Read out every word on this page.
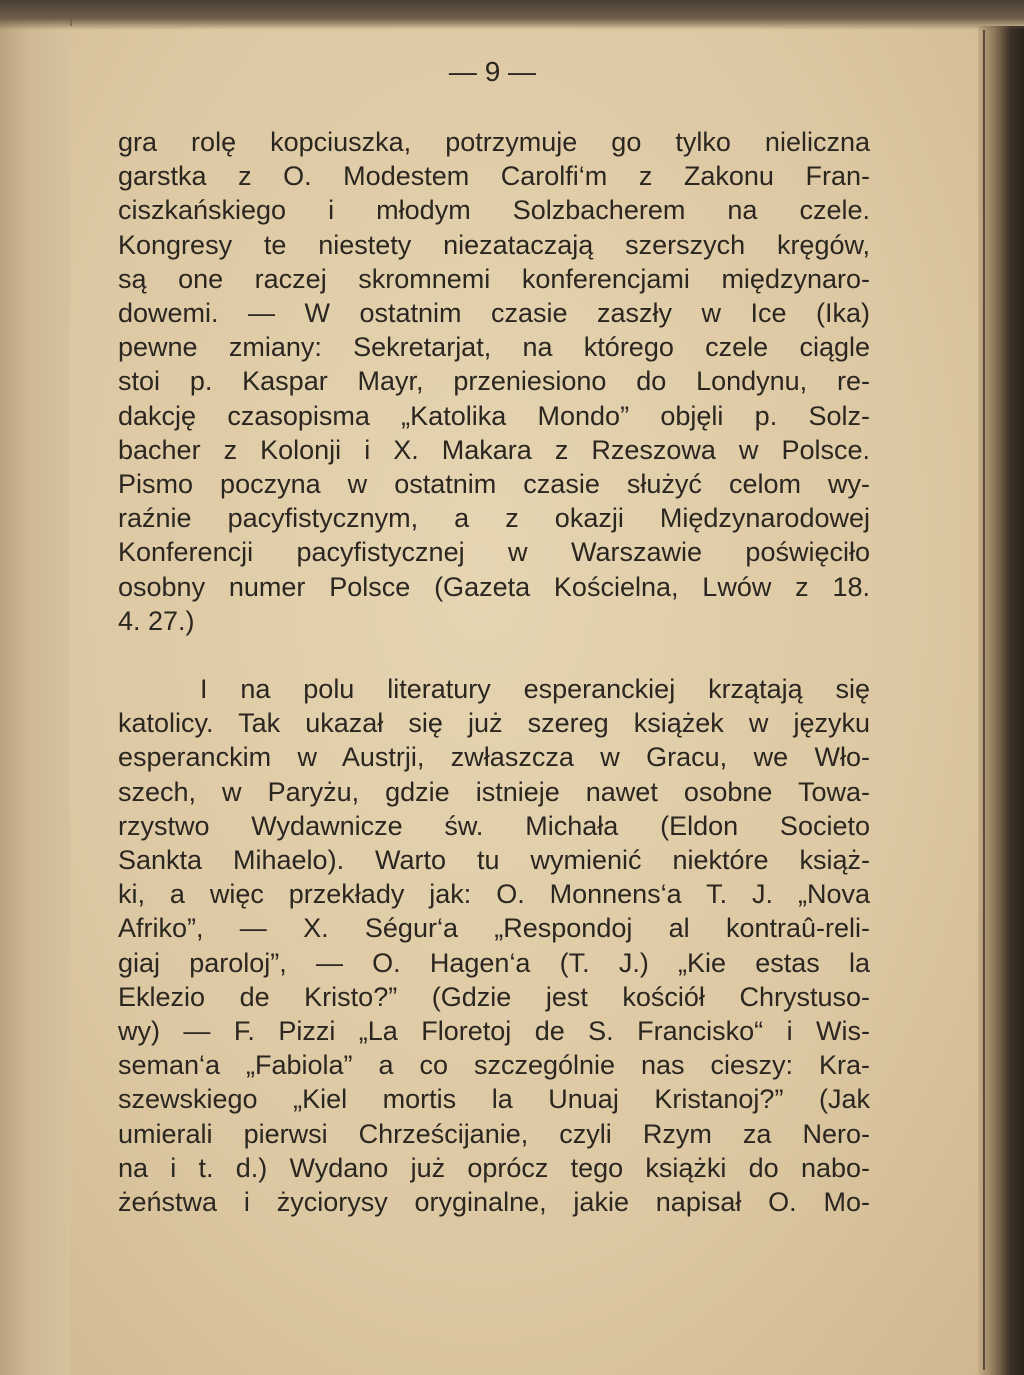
— 9 —
gra rolę kopciuszka, potrzymuje go tylko nieliczna
garstka z O. Modestem Carolfi‘m z Zakonu Fran-
ciszkańskiego i młodym Solzbacherem na czele.
Kongresy te niestety niezataczają szerszych kręgów,
są one raczej skromnemi konferencjami międzynaro-
dowemi. — W ostatnim czasie zaszły w Ice (Ika)
pewne zmiany: Sekretarjat, na którego czele ciągle
stoi p. Kaspar Mayr, przeniesiono do Londynu, re-
dakcję czasopisma „Katolika Mondo” objęli p. Solz-
bacher z Kolonji i X. Makara z Rzeszowa w Polsce.
Pismo poczyna w ostatnim czasie służyć celom wy-
raźnie pacyfistycznym, a z okazji Międzynarodowej
Konferencji pacyfistycznej w Warszawie poświęciło
osobny numer Polsce (Gazeta Kościelna, Lwów z 18.
4. 27.)
I na polu literatury esperanckiej krzątają się
katolicy. Tak ukazał się już szereg książek w języku
esperanckim w Austrji, zwłaszcza w Gracu, we Wło-
szech, w Paryżu, gdzie istnieje nawet osobne Towa-
rzystwo Wydawnicze św. Michała (Eldon Societo
Sankta Mihaelo). Warto tu wymienić niektóre książ-
ki, a więc przekłady jak: O. Monnens‘a T. J. „Nova
Afriko”, — X. Ségur‘a „Respondoj al kontraû-reli-
giaj paroloj”, — O. Hagen‘a (T. J.) „Kie estas la
Eklezio de Kristo?” (Gdzie jest kościół Chrystuso-
wy) — F. Pizzi „La Floretoj de S. Francisko“ i Wis-
seman‘a „Fabiola” a co szczególnie nas cieszy: Kra-
szewskiego „Kiel mortis la Unuaj Kristanoj?” (Jak
umierali pierwsi Chrześcijanie, czyli Rzym za Nero-
na i t. d.) Wydano już oprócz tego książki do nabo-
żeństwa i życiorysy oryginalne, jakie napisał O. Mo-
